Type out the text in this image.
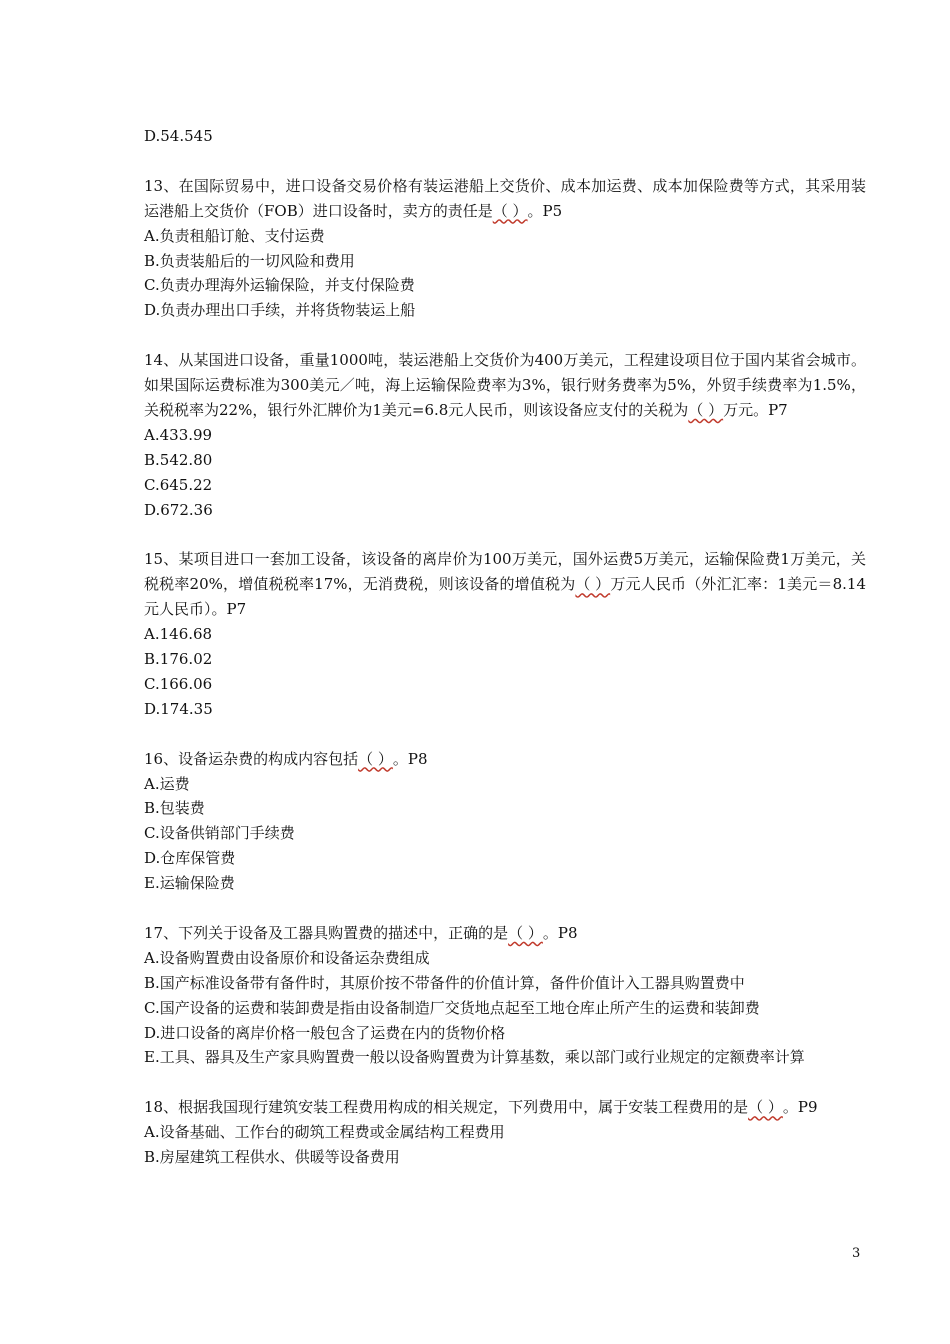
D.54.545

13、在国际贸易中，进口设备交易价格有装运港船上交货价、成本加运费、成本加保险费等方式，其采用装运港船上交货价（FOB）进口设备时，卖方的责任是（ ）。P5

A.负责租船订舱、支付运费

B.负责装船后的一切风险和费用

C.负责办理海外运输保险，并支付保险费

D.负责办理出口手续，并将货物装运上船

14、从某国进口设备，重量1000吨，装运港船上交货价为400万美元，工程建设项目位于国内某省会城市。如果国际运费标准为300美元／吨，海上运输保险费率为3%，银行财务费率为5%，外贸手续费率为1.5%，关税税率为22%，银行外汇牌价为1美元=6.8元人民币，则该设备应支付的关税为（ ）万元。P7

A.433.99

B.542.80

C.645.22

D.672.36

15、某项目进口一套加工设备，该设备的离岸价为100万美元，国外运费5万美元，运输保险费1万美元，关税税率20%，增值税税率17%，无消费税，则该设备的增值税为（ ）万元人民币（外汇汇率：1美元＝8.14元人民币）。P7

A.146.68

B.176.02

C.166.06

D.174.35

16、设备运杂费的构成内容包括（ ）。P8

A.运费

B.包装费

C.设备供销部门手续费

D.仓库保管费

E.运输保险费

17、下列关于设备及工器具购置费的描述中，正确的是（ ）。P8

A.设备购置费由设备原价和设备运杂费组成

B.国产标准设备带有备件时，其原价按不带备件的价值计算，备件价值计入工器具购置费中

C.国产设备的运费和装卸费是指由设备制造厂交货地点起至工地仓库止所产生的运费和装卸费

D.进口设备的离岸价格一般包含了运费在内的货物价格

E.工具、器具及生产家具购置费一般以设备购置费为计算基数，乘以部门或行业规定的定额费率计算

18、根据我国现行建筑安装工程费用构成的相关规定，下列费用中，属于安装工程费用的是（ ）。P9

A.设备基础、工作台的砌筑工程费或金属结构工程费用

B.房屋建筑工程供水、供暖等设备费用

3
